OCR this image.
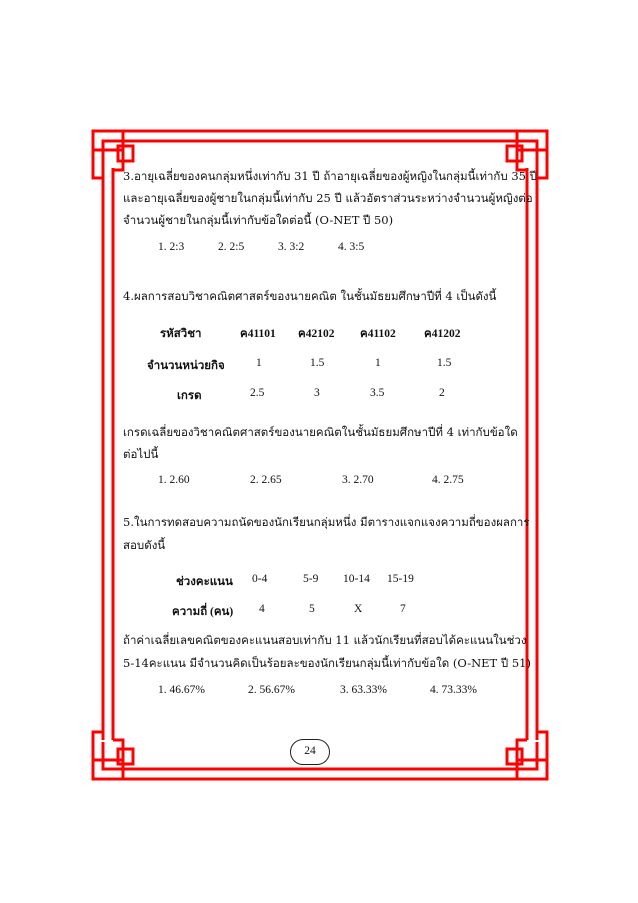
3.อายุเฉลี่ยของคนกลุ่มหนึ่งเท่ากับ 31 ปี ถ้าอายุเฉลี่ยของผู้หญิงในกลุ่มนี้เท่ากับ 35 ปี
และอายุเฉลี่ยของผู้ชายในกลุ่มนี้เท่ากับ 25 ปี แล้วอัตราส่วนระหว่างจำนวนผู้หญิงต่อ
จำนวนผู้ชายในกลุ่มนี้เท่ากับข้อใดต่อนี้ (O-NET ปี 50)
1. 2:3	2. 2:5	3. 3:2	4. 3:5
4.ผลการสอบวิชาคณิตศาสตร์ของนายคณิต ในชั้นมัธยมศึกษาปีที่ 4 เป็นดังนี้
รหัสวิชา	ค41101 ค42102 ค41102 ค41202
จำนวนหน่วยกิจ	1	1.5	1	1.5
เกรด	2.5	3	3.5	2
เกรดเฉลี่ยของวิชาคณิตศาสตร์ของนายคณิตในชั้นมัธยมศึกษาปีที่ 4 เท่ากับข้อใด
ต่อไปนี้
1. 2.60	2. 2.65	3. 2.70	4. 2.75
5.ในการทดสอบความถนัดของนักเรียนกลุ่มหนึ่ง มีตารางแจกแจงความถี่ของผลการ
สอบดังนี้
ช่วงคะแนน 0-4	5-9 10-14 15-19
ความถี่ (คน) 4	5	X	7
ถ้าค่าเฉลี่ยเลขคณิตของคะแนนสอบเท่ากับ 11 แล้วนักเรียนที่สอบได้คะแนนในช่วง
5-14คะแนน มีจำนวนคิดเป็นร้อยละของนักเรียนกลุ่มนี้เท่ากับข้อใด (O-NET ปี 51)
1. 46.67%	2. 56.67%	3. 63.33%	4. 73.33%
24
